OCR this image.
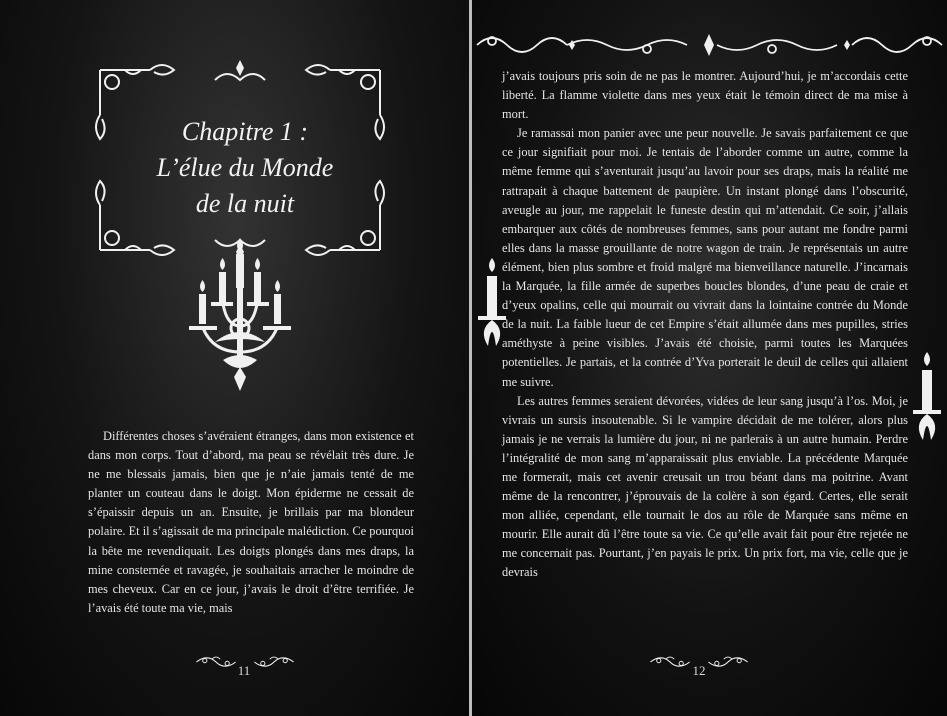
Chapitre 1 :
L’élue du Monde
de la nuit

Différentes choses s’avéraient étranges, dans mon existence et dans mon corps. Tout d’abord, ma peau se révélait très dure. Je ne me blessais jamais, bien que je n’aie jamais tenté de me planter un couteau dans le doigt. Mon épiderme ne cessait de s’épaissir depuis un an. Ensuite, je brillais par ma blondeur polaire. Et il s’agissait de ma principale malédiction. Ce pourquoi la bête me revendiquait. Les doigts plongés dans mes draps, la mine consternée et ravagée, je souhaitais arracher le moindre de mes cheveux. Car en ce jour, j’avais le droit d’être terrifiée. Je l’avais été toute ma vie, mais

11

j’avais toujours pris soin de ne pas le montrer. Aujourd’hui, je m’accordais cette liberté. La flamme violette dans mes yeux était le témoin direct de ma mise à mort.

Je ramassai mon panier avec une peur nouvelle. Je savais parfaitement ce que ce jour signifiait pour moi. Je tentais de l’aborder comme un autre, comme la même femme qui s’aventurait jusqu’au lavoir pour ses draps, mais la réalité me rattrapait à chaque battement de paupière. Un instant plongé dans l’obscurité, aveugle au jour, me rappelait le funeste destin qui m’attendait. Ce soir, j’allais embarquer aux côtés de nombreuses femmes, sans pour autant me fondre parmi elles dans la masse grouillante de notre wagon de train. Je représentais un autre élément, bien plus sombre et froid malgré ma bienveillance naturelle. J’incarnais la Marquée, la fille armée de superbes boucles blondes, d’une peau de craie et d’yeux opalins, celle qui mourrait ou vivrait dans la lointaine contrée du Monde de la nuit. La faible lueur de cet Empire s’était allumée dans mes pupilles, stries améthyste à peine visibles. J’avais été choisie, parmi toutes les Marquées potentielles. Je partais, et la contrée d’Yva porterait le deuil de celles qui allaient me suivre.

Les autres femmes seraient dévorées, vidées de leur sang jusqu’à l’os. Moi, je vivrais un sursis insoutenable. Si le vampire décidait de me tolérer, alors plus jamais je ne verrais la lumière du jour, ni ne parlerais à un autre humain. Perdre l’intégralité de mon sang m’apparaissait plus enviable. La précédente Marquée me formerait, mais cet avenir creusait un trou béant dans ma poitrine. Avant même de la rencontrer, j’éprouvais de la colère à son égard. Certes, elle serait mon alliée, cependant, elle tournait le dos au rôle de Marquée sans même en mourir. Elle aurait dû l’être toute sa vie. Ce qu’elle avait fait pour être rejetée ne me concernait pas. Pourtant, j’en payais le prix. Un prix fort, ma vie, celle que je devrais

12
